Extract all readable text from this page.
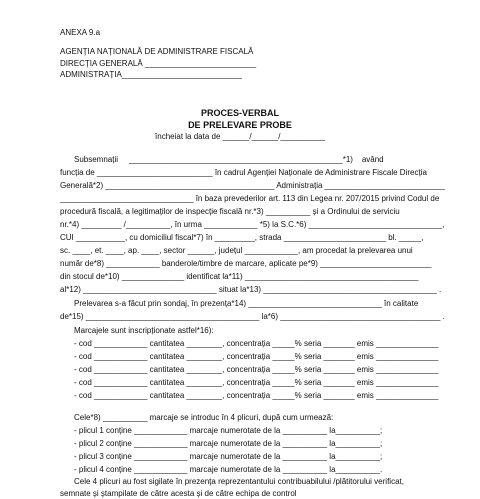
ANEXA 9.a
AGENȚIA NAȚIONALĂ DE ADMINISTRARE FISCALĂ
DIRECȚIA GENERALĂ _________________________
ADMINISTRAȚIA___________________________
PROCES-VERBAL
DE PRELEVARE PROBE
încheiat la data de ______/______/__________
Subsemnații     ________________________________________________*1)    având
funcția de __________________________ în cadrul Agenției Naționale de Administrare Fiscale Direcția
Generală*2) ______________________________________ Administrația ___________________________
______________________________ în baza prevederilor art. 113 din Legea nr. 207/2015 privind Codul de
procedură fiscală, a legitimaților de inspecție fiscală nr.*3) __________ și a Ordinului de serviciu
nr.*4) _________ /__________, în urma ____________ *5) la S.C.*6) ______________________________,
CUI ___________, cu domiciliul fiscal*7) în _________, strada _______________________ bl. _____,
sc. ____, et. ____, ap. ____, sector ______, județul ____________, am procedat la prelevarea unui
număr de*8) ____________ banderole/timbre de marcare, aplicate pe*9) _________________________
din stocul de*10) ______________ identificat la*11) _______________________________________
al*12) ______________________________ situat la*13) _______________________________________ .
Prelevarea s-a făcut prin sondaj, în prezența*14) ______________________________ în calitate
de*15) _______________________________________ la*6) ____________________________________ .
Marcajele sunt inscripționate astfel*16):
- cod ____________ cantitatea ________, concentrația _____% seria _______ emis ______________
- cod ____________ cantitatea ________, concentrația _____% seria _______ emis ______________
- cod ____________ cantitatea ________, concentrația _____% seria _______ emis ______________
- cod ____________ cantitatea ________, concentrația _____% seria _______ emis ______________
- cod ____________ cantitatea ________, concentrația _____% seria _______ emis ______________
Cele*8) __________ marcaje se introduc în 4 plicuri, după cum urmează:
- plicul 1 conține ____________ marcaje numerotate de la __________ la__________;
- plicul 2 conține ____________ marcaje numerotate de la __________ la__________;
- plicul 3 conține ____________ marcaje numerotate de la __________ la__________;
- plicul 4 conține ____________ marcaje numerotate de la __________ la__________.
Cele 4 plicuri au fost sigilate în prezența reprezentantului contribuabilului /plătitorului verificat,
semnate și ștampilate de către acesta și de către echipa de control
